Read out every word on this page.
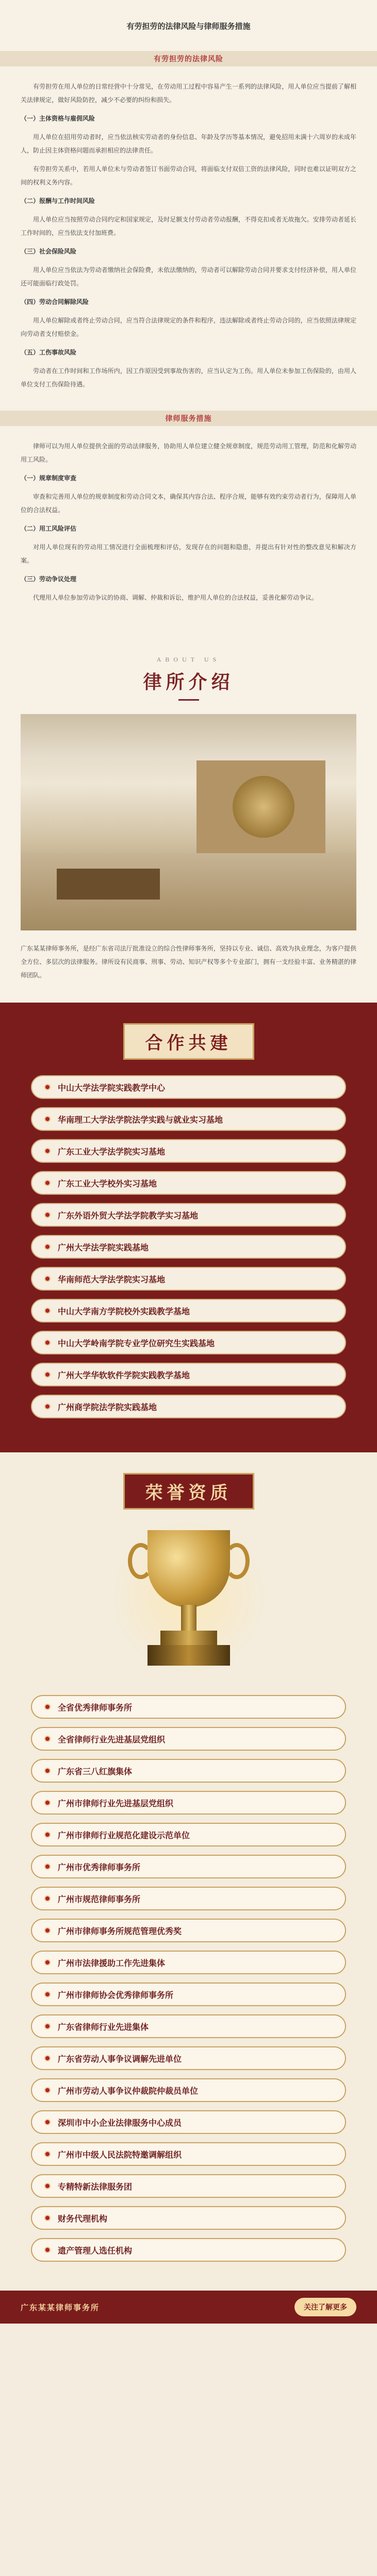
有劳担劳的法律风险与律师服务措施
有劳担劳的法律风险

有劳担劳在用人单位的日常经营中十分常见，在劳动用工过程中容易产生一系列的法律风险，用人单位应当提前了解相关法律规定，做好风险防控，减少不必要的纠纷和损失。

（一）主体资格与雇佣风险

用人单位在招用劳动者时，应当依法核实劳动者的身份信息、年龄及学历等基本情况，避免招用未满十六周岁的未成年人，防止因主体资格问题而承担相应的法律责任。

有劳担劳关系中，若用人单位未与劳动者签订书面劳动合同，将面临支付双倍工资的法律风险，同时也难以证明双方之间的权利义务内容。

（二）报酬与工作时间风险

用人单位应当按照劳动合同约定和国家规定，及时足额支付劳动者劳动报酬，不得克扣或者无故拖欠。安排劳动者延长工作时间的，应当依法支付加班费。

（三）社会保险风险

用人单位应当依法为劳动者缴纳社会保险费，未依法缴纳的，劳动者可以解除劳动合同并要求支付经济补偿，用人单位还可能面临行政处罚。

（四）劳动合同解除风险

用人单位解除或者终止劳动合同，应当符合法律规定的条件和程序，违法解除或者终止劳动合同的，应当依照法律规定向劳动者支付赔偿金。

（五）工伤事故风险

劳动者在工作时间和工作场所内，因工作原因受到事故伤害的，应当认定为工伤。用人单位未参加工伤保险的，由用人单位支付工伤保险待遇。

律师服务措施

律师可以为用人单位提供全面的劳动法律服务，协助用人单位建立健全规章制度，规范劳动用工管理，防范和化解劳动用工风险。

（一）规章制度审查

审查和完善用人单位的规章制度和劳动合同文本，确保其内容合法、程序合规，能够有效约束劳动者行为，保障用人单位的合法权益。

（二）用工风险评估

对用人单位现有的劳动用工情况进行全面梳理和评估，发现存在的问题和隐患，并提出有针对性的整改意见和解决方案。

（三）劳动争议处理

代理用人单位参加劳动争议的协商、调解、仲裁和诉讼，维护用人单位的合法权益，妥善化解劳动争议。

ABOUT US
律所介绍
广东某某律师事务所，是经广东省司法厅批准设立的综合性律师事务所，坚持以专业、诚信、高效为执业理念，为客户提供全方位、多层次的法律服务。律所设有民商事、刑事、劳动、知识产权等多个专业部门，拥有一支经验丰富、业务精湛的律师团队。
合作共建
中山大学法学院实践教学中心
华南理工大学法学院法学实践与就业实习基地
广东工业大学法学院实习基地
广东工业大学校外实习基地
广东外语外贸大学法学院教学实习基地
广州大学法学院实践基地
华南师范大学法学院实习基地
中山大学南方学院校外实践教学基地
中山大学岭南学院专业学位研究生实践基地
广州大学华软软件学院实践教学基地
广州商学院法学院实践基地
荣誉资质
全省优秀律师事务所
全省律师行业先进基层党组织
广东省三八红旗集体
广州市律师行业先进基层党组织
广州市律师行业规范化建设示范单位
广州市优秀律师事务所
广州市规范律师事务所
广州市律师事务所规范管理优秀奖
广州市法律援助工作先进集体
广州市律师协会优秀律师事务所
广东省律师行业先进集体
广东省劳动人事争议调解先进单位
广州市劳动人事争议仲裁院仲裁员单位
深圳市中小企业法律服务中心成员
广州市中级人民法院特邀调解组织
专精特新法律服务团
财务代理机构
遗产管理人选任机构
广东某某律师事务所	关注了解更多
